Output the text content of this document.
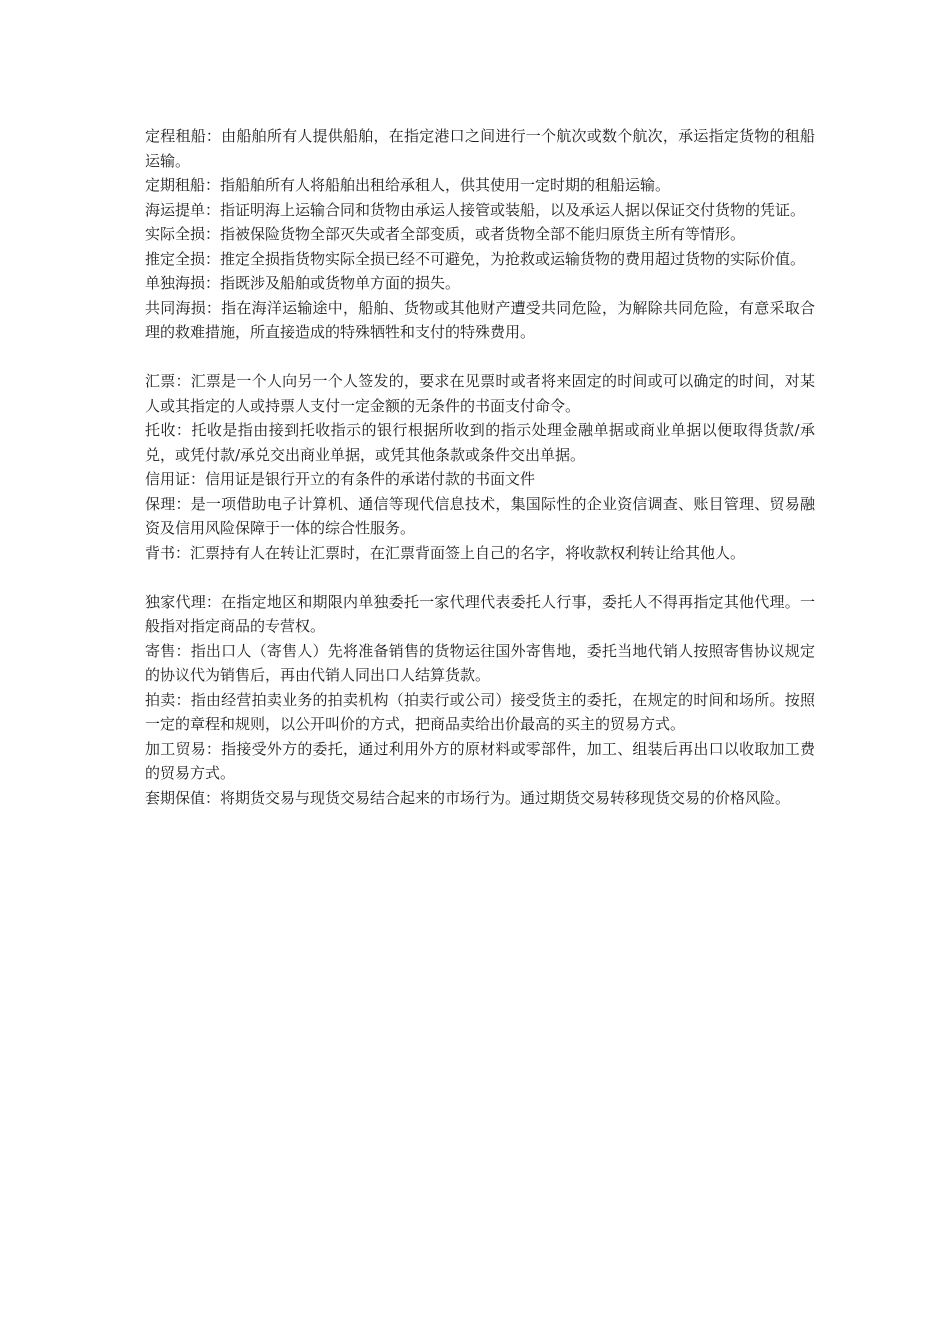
定程租船：由船舶所有人提供船舶，在指定港口之间进行一个航次或数个航次，承运指定货物的租船运输。

定期租船：指船舶所有人将船舶出租给承租人，供其使用一定时期的租船运输。

海运提单：指证明海上运输合同和货物由承运人接管或装船，以及承运人据以保证交付货物的凭证。

实际全损：指被保险货物全部灭失或者全部变质，或者货物全部不能归原货主所有等情形。

推定全损：推定全损指货物实际全损已经不可避免，为抢救或运输货物的费用超过货物的实际价值。

单独海损：指既涉及船舶或货物单方面的损失。

共同海损：指在海洋运输途中，船舶、货物或其他财产遭受共同危险，为解除共同危险，有意采取合理的救难措施，所直接造成的特殊牺牲和支付的特殊费用。

汇票：汇票是一个人向另一个人签发的，要求在见票时或者将来固定的时间或可以确定的时间，对某人或其指定的人或持票人支付一定金额的无条件的书面支付命令。

托收：托收是指由接到托收指示的银行根据所收到的指示处理金融单据或商业单据以便取得货款/承兑，或凭付款/承兑交出商业单据，或凭其他条款或条件交出单据。

信用证：信用证是银行开立的有条件的承诺付款的书面文件

保理：是一项借助电子计算机、通信等现代信息技术，集国际性的企业资信调查、账目管理、贸易融资及信用风险保障于一体的综合性服务。

背书：汇票持有人在转让汇票时，在汇票背面签上自己的名字，将收款权利转让给其他人。

独家代理：在指定地区和期限内单独委托一家代理代表委托人行事，委托人不得再指定其他代理。一般指对指定商品的专营权。

寄售：指出口人（寄售人）先将准备销售的货物运往国外寄售地，委托当地代销人按照寄售协议规定的协议代为销售后，再由代销人同出口人结算货款。

拍卖：指由经营拍卖业务的拍卖机构（拍卖行或公司）接受货主的委托，在规定的时间和场所。按照一定的章程和规则，以公开叫价的方式，把商品卖给出价最高的买主的贸易方式。

加工贸易：指接受外方的委托，通过利用外方的原材料或零部件，加工、组装后再出口以收取加工费的贸易方式。

套期保值：将期货交易与现货交易结合起来的市场行为。通过期货交易转移现货交易的价格风险。
